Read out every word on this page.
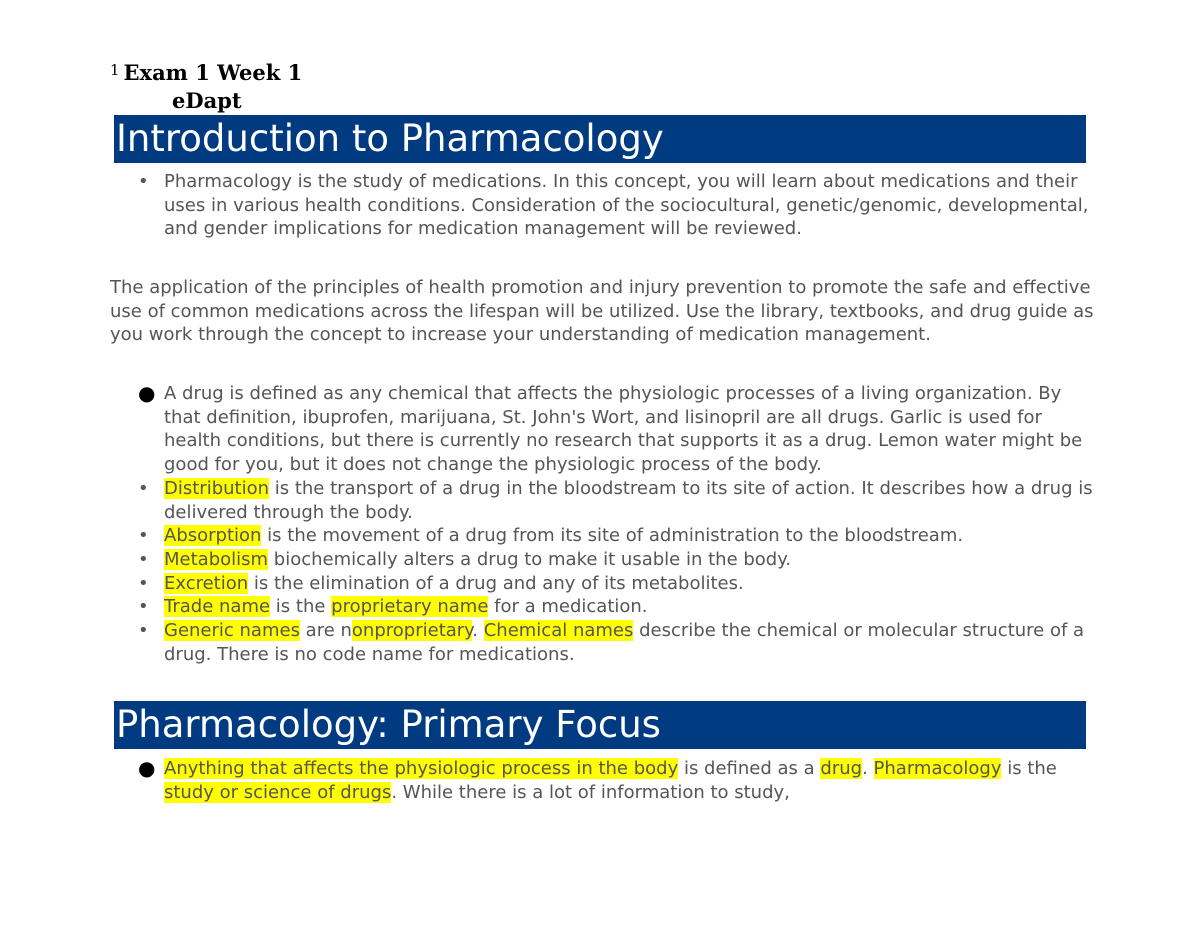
$^1$ Exam 1 Week 1
eDapt
Introduction to Pharmacology
• Pharmacology is the study of medications. In this concept, you will learn about medications and their uses in various health conditions. Consideration of the sociocultural, genetic/genomic, developmental, and gender implications for medication management will be reviewed.

The application of the principles of health promotion and injury prevention to promote the safe and effective use of common medications across the lifespan will be utilized. Use the library, textbooks, and drug guide as you work through the concept to increase your understanding of medication management.

● A drug is defined as any chemical that affects the physiologic processes of a living organization. By that definition, ibuprofen, marijuana, St. John's Wort, and lisinopril are all drugs. Garlic is used for health conditions, but there is currently no research that supports it as a drug. Lemon water might be good for you, but it does not change the physiologic process of the body.
• Distribution is the transport of a drug in the bloodstream to its site of action. It describes how a drug is delivered through the body.
• Absorption is the movement of a drug from its site of administration to the bloodstream.
• Metabolism biochemically alters a drug to make it usable in the body.
• Excretion is the elimination of a drug and any of its metabolites.
• Trade name is the proprietary name for a medication.
• Generic names are nonproprietary. Chemical names describe the chemical or molecular structure of a drug. There is no code name for medications.
Pharmacology: Primary Focus
● Anything that affects the physiologic process in the body is defined as a drug. Pharmacology is the study or science of drugs. While there is a lot of information to study,
